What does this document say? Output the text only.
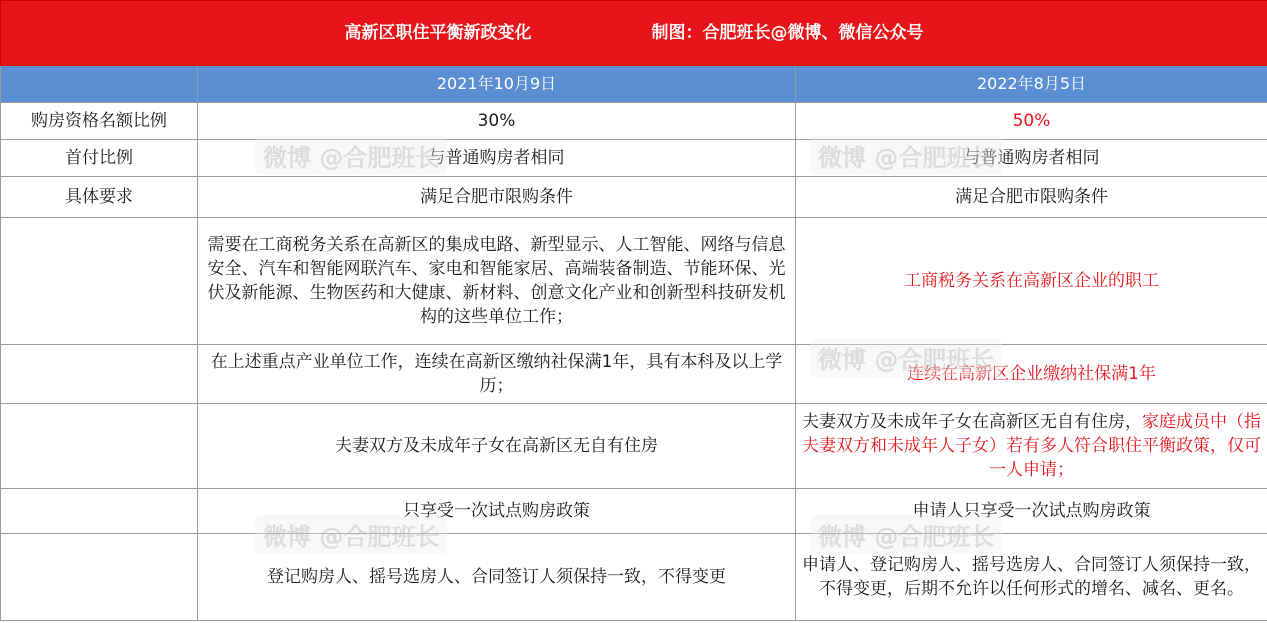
高新区职住平衡新政变化 制图：合肥班长@微博、微信公众号		

	2021年10月9日	2022年8月5日
购房资格名额比例	30%	50%
首付比例	与普通购房者相同	与普通购房者相同
具体要求	满足合肥市限购条件	满足合肥市限购条件
	需要在工商税务关系在高新区的集成电路、新型显示、人工智能、网络与信息安全、汽车和智能网联汽车、家电和智能家居、高端装备制造、节能环保、光伏及新能源、生物医药和大健康、新材料、创意文化产业和创新型科技研发机构的这些单位工作；	工商税务关系在高新区企业的职工
	在上述重点产业单位工作，连续在高新区缴纳社保满1年，具有本科及以上学历；	连续在高新区企业缴纳社保满1年
	夫妻双方及未成年子女在高新区无自有住房	夫妻双方及未成年子女在高新区无自有住房，家庭成员中（指夫妻双方和未成年人子女）若有多人符合职住平衡政策，仅可一人申请；
	只享受一次试点购房政策	申请人只享受一次试点购房政策
	登记购房人、摇号选房人、合同签订人须保持一致，不得变更	申请人、登记购房人、摇号选房人、合同签订人须保持一致，不得变更，后期不允许以任何形式的增名、减名、更名。
微博 @合肥班长	微博 @合肥班长
微博 @合肥班长
微博 @合肥班长	微博 @合肥班长
